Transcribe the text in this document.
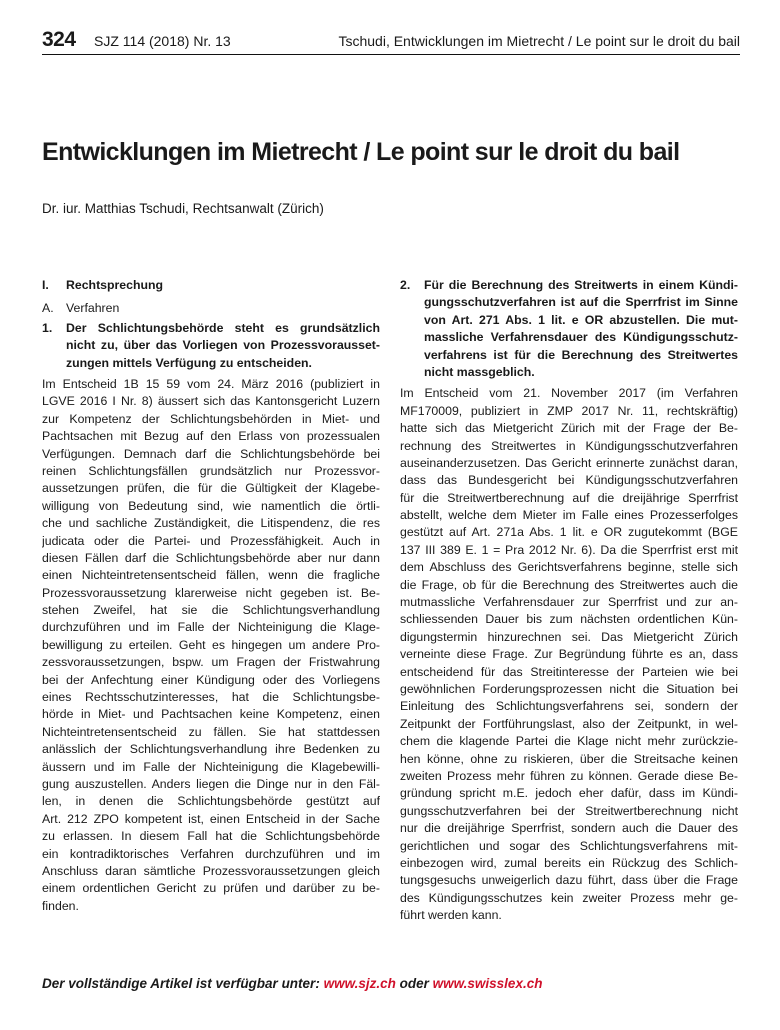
324 SJZ 114 (2018) Nr. 13	Tschudi, Entwicklungen im Mietrecht / Le point sur le droit du bail
Entwicklungen im Mietrecht / Le point sur le droit du bail
Dr. iur. Matthias Tschudi, Rechtsanwalt (Zürich)
I.	Rechtsprechung
A.	Verfahren
1.	Der Schlichtungsbehörde steht es grundsätzlich
nicht zu, über das Vorliegen von Prozessvorausset-
zungen mittels Verfügung zu entscheiden.
Im Entscheid 1B 15 59 vom 24. März 2016 (publiziert in
LGVE 2016 I Nr. 8) äussert sich das Kantonsgericht Luzern
zur Kompetenz der Schlichtungsbehörden in Miet- und
Pachtsachen mit Bezug auf den Erlass von prozessualen
Verfügungen. Demnach darf die Schlichtungsbehörde bei
reinen Schlichtungsfällen grundsätzlich nur Prozessvor-
aussetzungen prüfen, die für die Gültigkeit der Klagebe-
willigung von Bedeutung sind, wie namentlich die örtli-
che und sachliche Zuständigkeit, die Litispendenz, die res
judicata oder die Partei- und Prozessfähigkeit. Auch in
diesen Fällen darf die Schlichtungsbehörde aber nur dann
einen Nichteintretensentscheid fällen, wenn die fragliche
Prozessvoraussetzung klarerweise nicht gegeben ist. Be-
stehen Zweifel, hat sie die Schlichtungsverhandlung
durchzuführen und im Falle der Nichteinigung die Klage-
bewilligung zu erteilen. Geht es hingegen um andere Pro-
zessvoraussetzungen, bspw. um Fragen der Fristwahrung
bei der Anfechtung einer Kündigung oder des Vorliegens
eines Rechtsschutzinteresses, hat die Schlichtungsbe-
hörde in Miet- und Pachtsachen keine Kompetenz, einen
Nichteintretensentscheid zu fällen. Sie hat stattdessen
anlässlich der Schlichtungsverhandlung ihre Bedenken zu
äussern und im Falle der Nichteinigung die Klagebewilli-
gung auszustellen. Anders liegen die Dinge nur in den Fäl-
len, in denen die Schlichtungsbehörde gestützt auf
Art. 212 ZPO kompetent ist, einen Entscheid in der Sache
zu erlassen. In diesem Fall hat die Schlichtungsbehörde
ein kontradiktorisches Verfahren durchzuführen und im
Anschluss daran sämtliche Prozessvoraussetzungen gleich
einem ordentlichen Gericht zu prüfen und darüber zu be-
finden.
2.	Für die Berechnung des Streitwerts in einem Kündi-
gungsschutzverfahren ist auf die Sperrfrist im Sinne
von Art. 271 Abs. 1 lit. e OR abzustellen. Die mut-
massliche Verfahrensdauer des Kündigungsschutz-
verfahrens ist für die Berechnung des Streitwertes
nicht massgeblich.
Im Entscheid vom 21. November 2017 (im Verfahren
MF170009, publiziert in ZMP 2017 Nr. 11, rechtskräftig)
hatte sich das Mietgericht Zürich mit der Frage der Be-
rechnung des Streitwertes in Kündigungsschutzverfahren
auseinanderzusetzen. Das Gericht erinnerte zunächst daran,
dass das Bundesgericht bei Kündigungsschutzverfahren
für die Streitwertberechnung auf die dreijährige Sperrfrist
abstellt, welche dem Mieter im Falle eines Prozesserfolges
gestützt auf Art. 271a Abs. 1 lit. e OR zugutekommt (BGE
137 III 389 E. 1 = Pra 2012 Nr. 6). Da die Sperrfrist erst mit
dem Abschluss des Gerichtsverfahrens beginne, stelle sich
die Frage, ob für die Berechnung des Streitwertes auch die
mutmassliche Verfahrensdauer zur Sperrfrist und zur an-
schliessenden Dauer bis zum nächsten ordentlichen Kün-
digungstermin hinzurechnen sei. Das Mietgericht Zürich
verneinte diese Frage. Zur Begründung führte es an, dass
entscheidend für das Streitinteresse der Parteien wie bei
gewöhnlichen Forderungsprozessen nicht die Situation bei
Einleitung des Schlichtungsverfahrens sei, sondern der
Zeitpunkt der Fortführungslast, also der Zeitpunkt, in wel-
chem die klagende Partei die Klage nicht mehr zurückzie-
hen könne, ohne zu riskieren, über die Streitsache keinen
zweiten Prozess mehr führen zu können. Gerade diese Be-
gründung spricht m.E. jedoch eher dafür, dass im Kündi-
gungsschutzverfahren bei der Streitwertberechnung nicht
nur die dreijährige Sperrfrist, sondern auch die Dauer des
gerichtlichen und sogar des Schlichtungsverfahrens mit-
einbezogen wird, zumal bereits ein Rückzug des Schlich-
tungsgesuchs unweigerlich dazu führt, dass über die Frage
des Kündigungsschutzes kein zweiter Prozess mehr ge-
führt werden kann.
Der vollständige Artikel ist verfügbar unter: www.sjz.ch oder www.swisslex.ch
